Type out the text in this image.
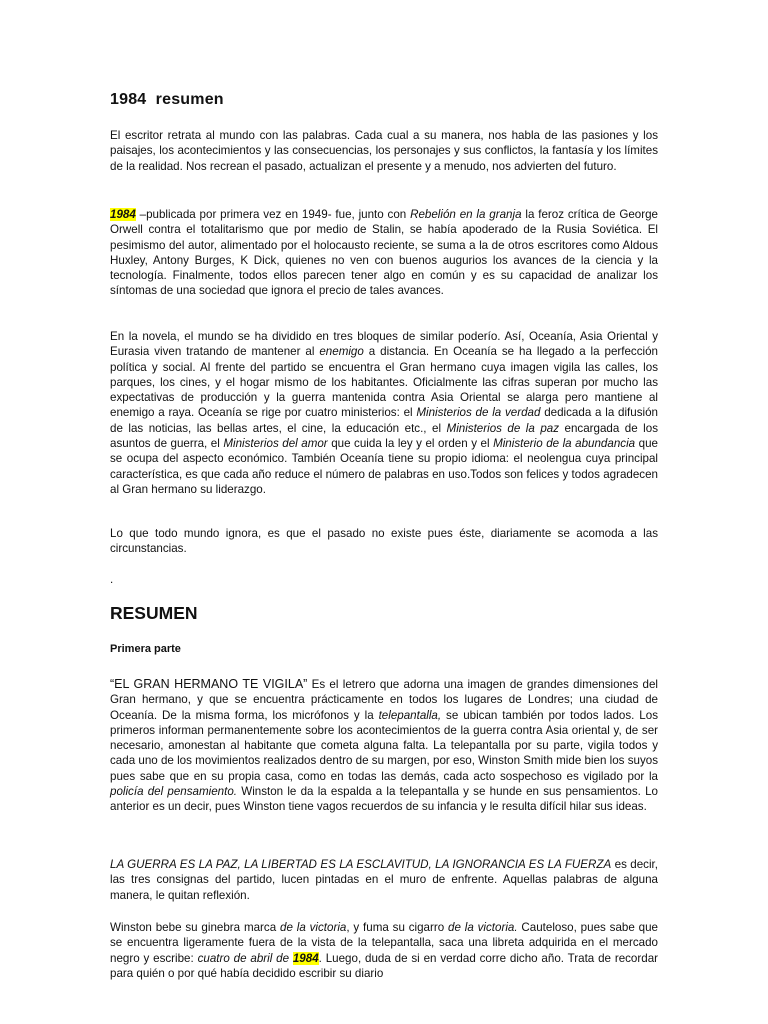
1984  resumen

El escritor retrata al mundo con las palabras. Cada cual a su manera, nos habla de las pasiones y los paisajes, los acontecimientos y las consecuencias, los personajes y sus conflictos, la fantasía y los límites de la realidad. Nos recrean el pasado, actualizan el presente y a menudo, nos advierten del futuro.

1984 –publicada por primera vez en 1949- fue, junto con Rebelión en la granja la feroz crítica de George Orwell contra el totalitarismo que por medio de Stalin, se había apoderado de la Rusia Soviética. El pesimismo del autor, alimentado por el holocausto reciente, se suma a la de otros escritores como Aldous Huxley, Antony Burges, K Dick, quienes no ven con buenos augurios los avances de la ciencia y la tecnología. Finalmente, todos ellos parecen tener algo en común y es su capacidad de analizar los síntomas de una sociedad que ignora el precio de tales avances.

En la novela, el mundo se ha dividido en tres bloques de similar poderío. Así, Oceanía, Asia Oriental y Eurasia viven tratando de mantener al enemigo a distancia. En Oceanía se ha llegado a la perfección política y social. Al frente del partido se encuentra el Gran hermano cuya imagen vigila las calles, los parques, los cines, y el hogar mismo de los habitantes. Oficialmente las cifras superan por mucho las expectativas de producción y la guerra mantenida contra Asia Oriental se alarga pero mantiene al enemigo a raya. Oceanía se rige por cuatro ministerios: el Ministerios de la verdad dedicada a la difusión de las noticias, las bellas artes, el cine, la educación etc., el Ministerios de la paz encargada de los asuntos de guerra, el Ministerios del amor que cuida la ley y el orden y el Ministerio de la abundancia que se ocupa del aspecto económico. También Oceanía tiene su propio idioma: el neolengua cuya principal característica, es que cada año reduce el número de palabras en uso.Todos son felices y todos agradecen al Gran hermano su liderazgo.

Lo que todo mundo ignora, es que el pasado no existe pues éste, diariamente se acomoda a las circunstancias.

.

RESUMEN
Primera parte

“EL GRAN HERMANO TE VIGILA” Es el letrero que adorna una imagen de grandes dimensiones del Gran hermano, y que se encuentra prácticamente en todos los lugares de Londres; una ciudad de Oceanía. De la misma forma, los micrófonos y la telepantalla, se ubican también por todos lados. Los primeros informan permanentemente sobre los acontecimientos de la guerra contra Asia oriental y, de ser necesario, amonestan al habitante que cometa alguna falta. La telepantalla por su parte, vigila todos y cada uno de los movimientos realizados dentro de su margen, por eso, Winston Smith mide bien los suyos pues sabe que en su propia casa, como en todas las demás, cada acto sospechoso es vigilado por la policía del pensamiento. Winston le da la espalda a la telepantalla y se hunde en sus pensamientos. Lo anterior es un decir, pues Winston tiene vagos recuerdos de su infancia y le resulta difícil hilar sus ideas.

LA GUERRA ES LA PAZ, LA LIBERTAD ES LA ESCLAVITUD, LA IGNORANCIA ES LA FUERZA es decir, las tres consignas del partido, lucen pintadas en el muro de enfrente. Aquellas palabras de alguna manera, le quitan reflexión.

Winston bebe su ginebra marca de la victoria, y fuma su cigarro de la victoria. Cauteloso, pues sabe que se encuentra ligeramente fuera de la vista de la telepantalla, saca una libreta adquirida en el mercado negro y escribe: cuatro de abril de 1984. Luego, duda de si en verdad corre dicho año. Trata de recordar para quién o por qué había decidido escribir su diario
